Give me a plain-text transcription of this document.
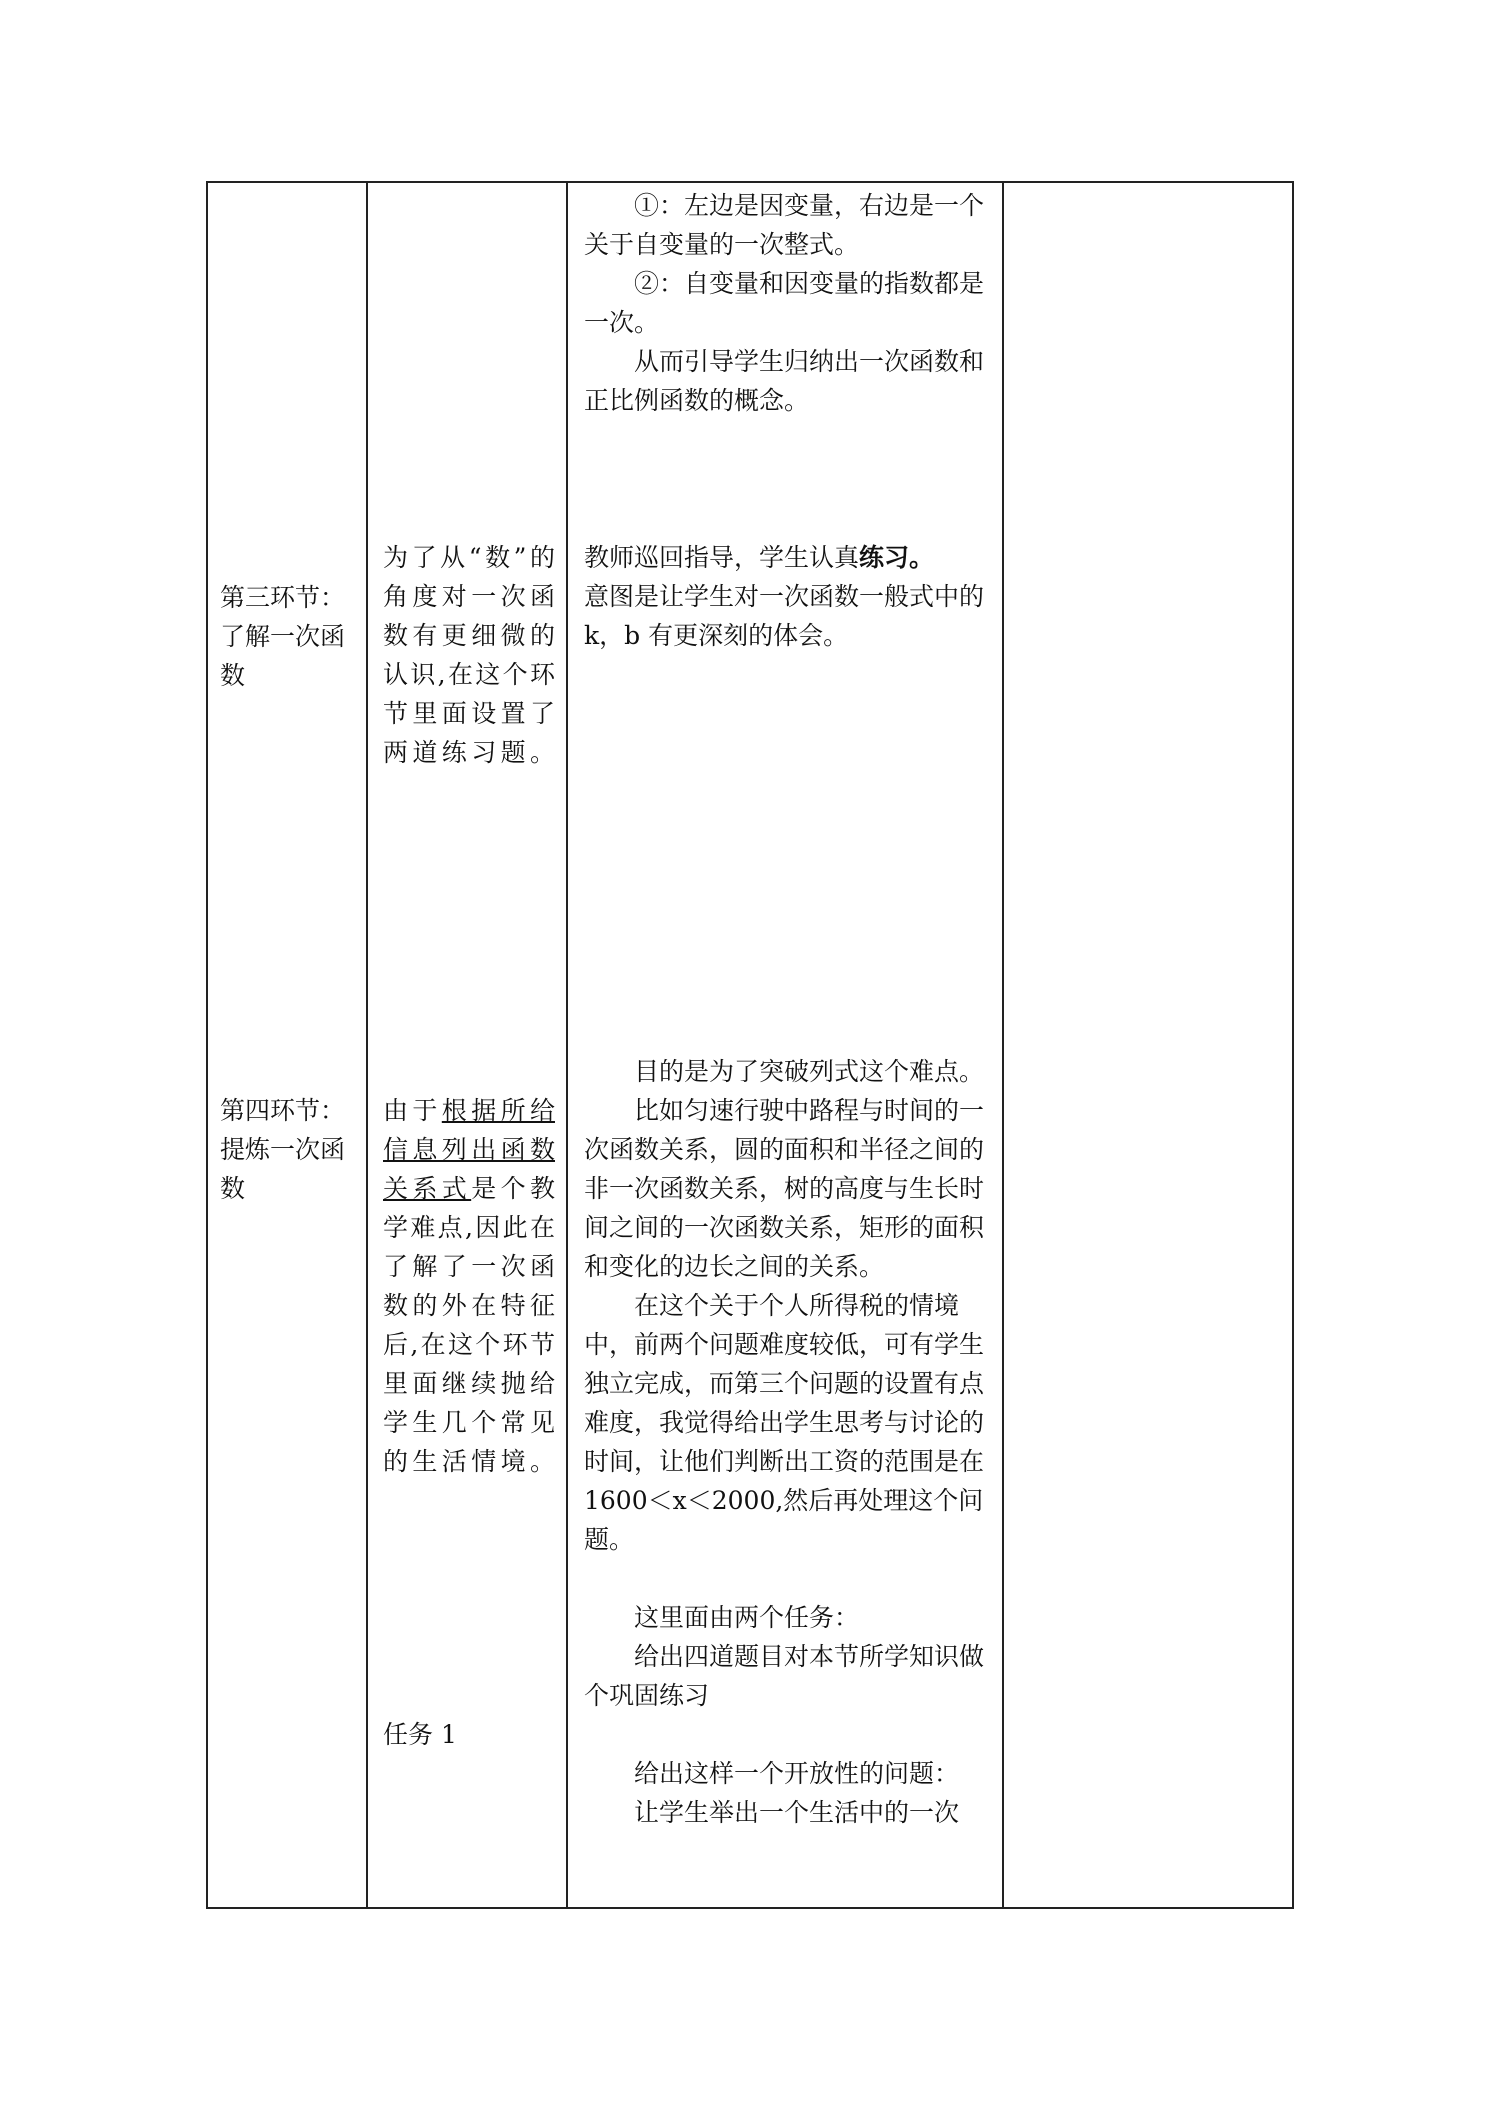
①：左边是因变量，右边是一个关于自变量的一次整式。

②：自变量和因变量的指数都是一次。

从而引导学生归纳出一次函数和正比例函数的概念。

第三环节：了解一次函数
为了从“数”的角度对一次函数有更细微的认识,在这个环节里面设置了两道练习题。

教师巡回指导，学生认真练习。

意图是让学生对一次函数一般式中的 k，b 有更深刻的体会。

第四环节：提炼一次函数
由于根据所给信息列出函数关系式是个教学难点,因此在了解了一次函数的外在特征后,在这个环节里面继续抛给学生几个常见的生活情境。

目的是为了突破列式这个难点。

比如匀速行驶中路程与时间的一次函数关系，圆的面积和半径之间的非一次函数关系，树的高度与生长时间之间的一次函数关系，矩形的面积和变化的边长之间的关系。

在这个关于个人所得税的情境中，前两个问题难度较低，可有学生独立完成，而第三个问题的设置有点难度，我觉得给出学生思考与讨论的时间，让他们判断出工资的范围是在 1600＜x＜2000,然后再处理这个问题。

这里面由两个任务：

给出四道题目对本节所学知识做个巩固练习

给出这样一个开放性的问题：

让学生举出一个生活中的一次

任务 1
